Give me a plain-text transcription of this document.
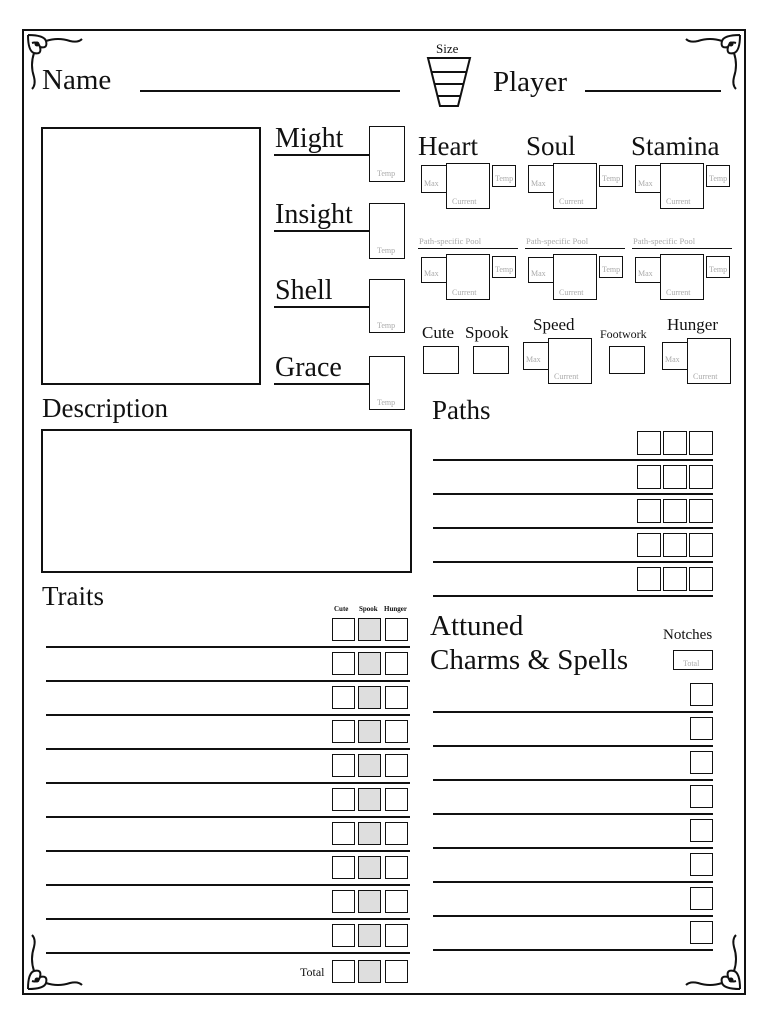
Name
Size
Player
Might
Temp
Insight
Temp
Shell
Temp
Grace
Temp
Heart
Max
Current
Temp
Path-specific Pool
Max
Current
Temp
Soul
Max
Current
Temp
Path-specific Pool
Max
Current
Temp
Stamina
Max
Current
Temp
Path-specific Pool
Max
Current
Temp
Cute Spook Speed
Max
Current
Footwork Hunger
Max
Current
Description	Paths
Traits	Cute Spook Hunger
Total
Attuned
Charms & Spells
Notches
Total
